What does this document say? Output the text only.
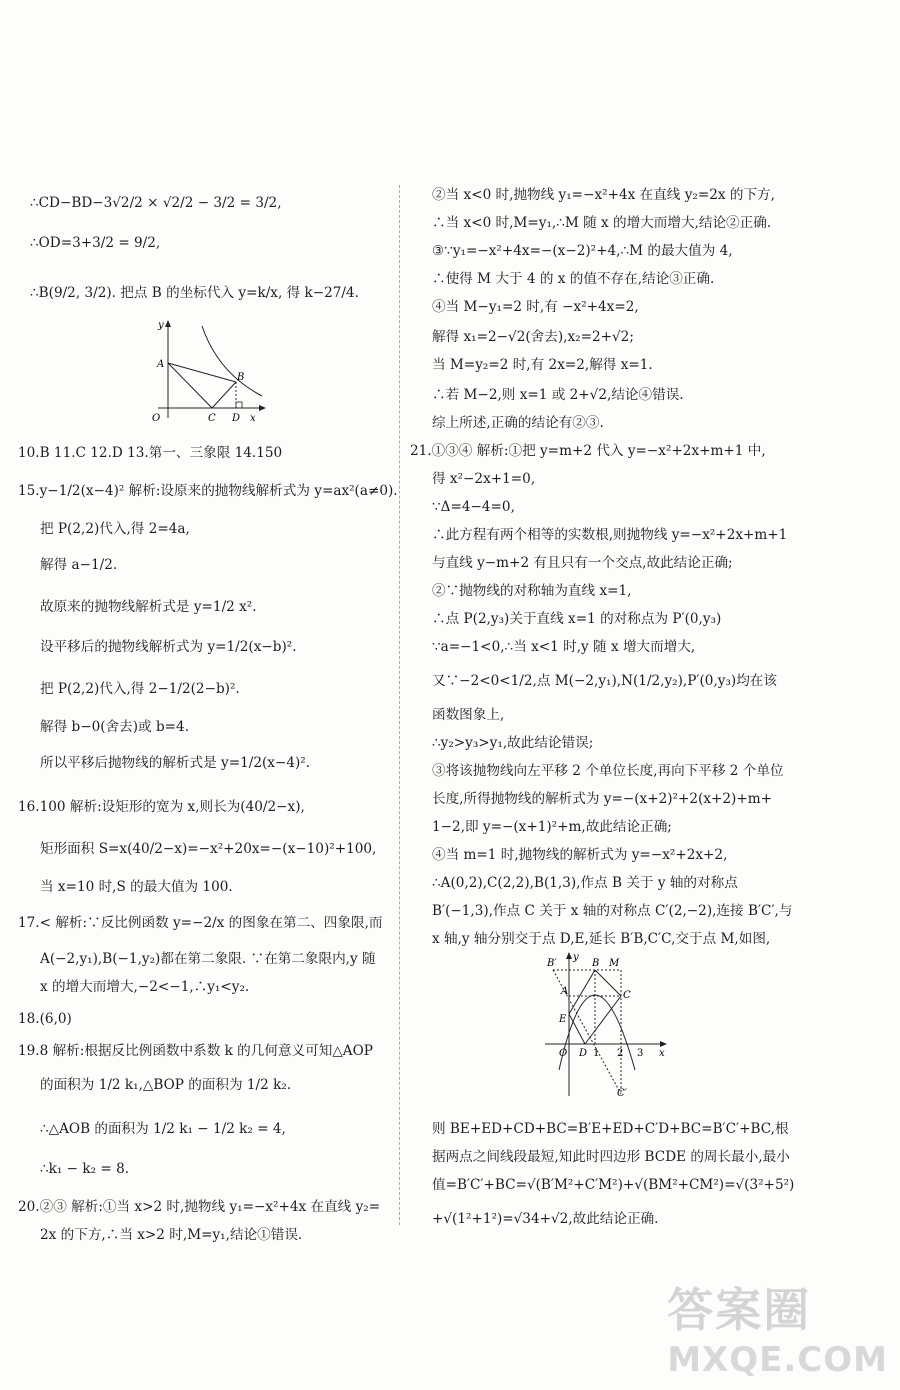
∴CD−BD−3√2/2 × √2/2 − 3/2 = 3/2,
∴OD=3+3/2 = 9/2,
∴B(9/2, 3/2). 把点 B 的坐标代入 y=k/x, 得 k−27/4.
10.B 11.C 12.D 13.第一、三象限 14.150
15.y−1/2(x−4)² 解析:设原来的抛物线解析式为 y=ax²(a≠0).
把 P(2,2)代入,得 2=4a,
解得 a−1/2.
故原来的抛物线解析式是 y=1/2 x².
设平移后的抛物线解析式为 y=1/2(x−b)².
把 P(2,2)代入,得 2−1/2(2−b)².
解得 b−0(舍去)或 b=4.
所以平移后抛物线的解析式是 y=1/2(x−4)².
16.100 解析:设矩形的宽为 x,则长为(40/2−x),
矩形面积 S=x(40/2−x)=−x²+20x=−(x−10)²+100,
当 x=10 时,S 的最大值为 100.
17.< 解析:∵反比例函数 y=−2/x 的图象在第二、四象限,而
A(−2,y₁),B(−1,y₂)都在第二象限. ∵在第二象限内,y 随
x 的增大而增大,−2<−1,∴y₁<y₂.
18.(6,0)
19.8 解析:根据反比例函数中系数 k 的几何意义可知△AOP
的面积为 1/2 k₁,△BOP 的面积为 1/2 k₂.
∴△AOB 的面积为 1/2 k₁ − 1/2 k₂ = 4,
∴k₁ − k₂ = 8.
20.②③ 解析:①当 x>2 时,抛物线 y₁=−x²+4x 在直线 y₂=
2x 的下方,∴当 x>2 时,M=y₁,结论①错误.
②当 x<0 时,抛物线 y₁=−x²+4x 在直线 y₂=2x 的下方,
∴当 x<0 时,M=y₁,∴M 随 x 的增大而增大,结论②正确.
③∵y₁=−x²+4x=−(x−2)²+4,∴M 的最大值为 4,
∴使得 M 大于 4 的 x 的值不存在,结论③正确.
④当 M−y₁=2 时,有 −x²+4x=2,
解得 x₁=2−√2(舍去),x₂=2+√2;
当 M=y₂=2 时,有 2x=2,解得 x=1.
∴若 M−2,则 x=1 或 2+√2,结论④错误.
综上所述,正确的结论有②③.
21.①③④ 解析:①把 y=m+2 代入 y=−x²+2x+m+1 中,
得 x²−2x+1=0,
∵Δ=4−4=0,
∴此方程有两个相等的实数根,则抛物线 y=−x²+2x+m+1
与直线 y−m+2 有且只有一个交点,故此结论正确;
②∵抛物线的对称轴为直线 x=1,
∴点 P(2,y₃)关于直线 x=1 的对称点为 P′(0,y₃)
∵a=−1<0,∴当 x<1 时,y 随 x 增大而增大,
又∵−2<0<1/2,点 M(−2,y₁),N(1/2,y₂),P′(0,y₃)均在该
函数图象上,
∴y₂>y₃>y₁,故此结论错误;
③将该抛物线向左平移 2 个单位长度,再向下平移 2 个单位
长度,所得抛物线的解析式为 y=−(x+2)²+2(x+2)+m+
1−2,即 y=−(x+1)²+m,故此结论正确;
④当 m=1 时,抛物线的解析式为 y=−x²+2x+2,
∴A(0,2),C(2,2),B(1,3),作点 B 关于 y 轴的对称点
B′(−1,3),作点 C 关于 x 轴的对称点 C′(2,−2),连接 B′C′,与
x 轴,y 轴分别交于点 D,E,延长 B′B,C′C,交于点 M,如图,
则 BE+ED+CD+BC=B′E+ED+C′D+BC=B′C′+BC,根
据两点之间线段最短,知此时四边形 BCDE 的周长最小,最小
值=B′C′+BC=√(B′M²+C′M²)+√(BM²+CM²)=√(3²+5²)
+√(1²+1²)=√34+√2,故此结论正确.
y
A
B
O	C D x
B′
y
B M
A	C
E
O D 1 2 3 x
C′
答案圈
MXQE.COM
